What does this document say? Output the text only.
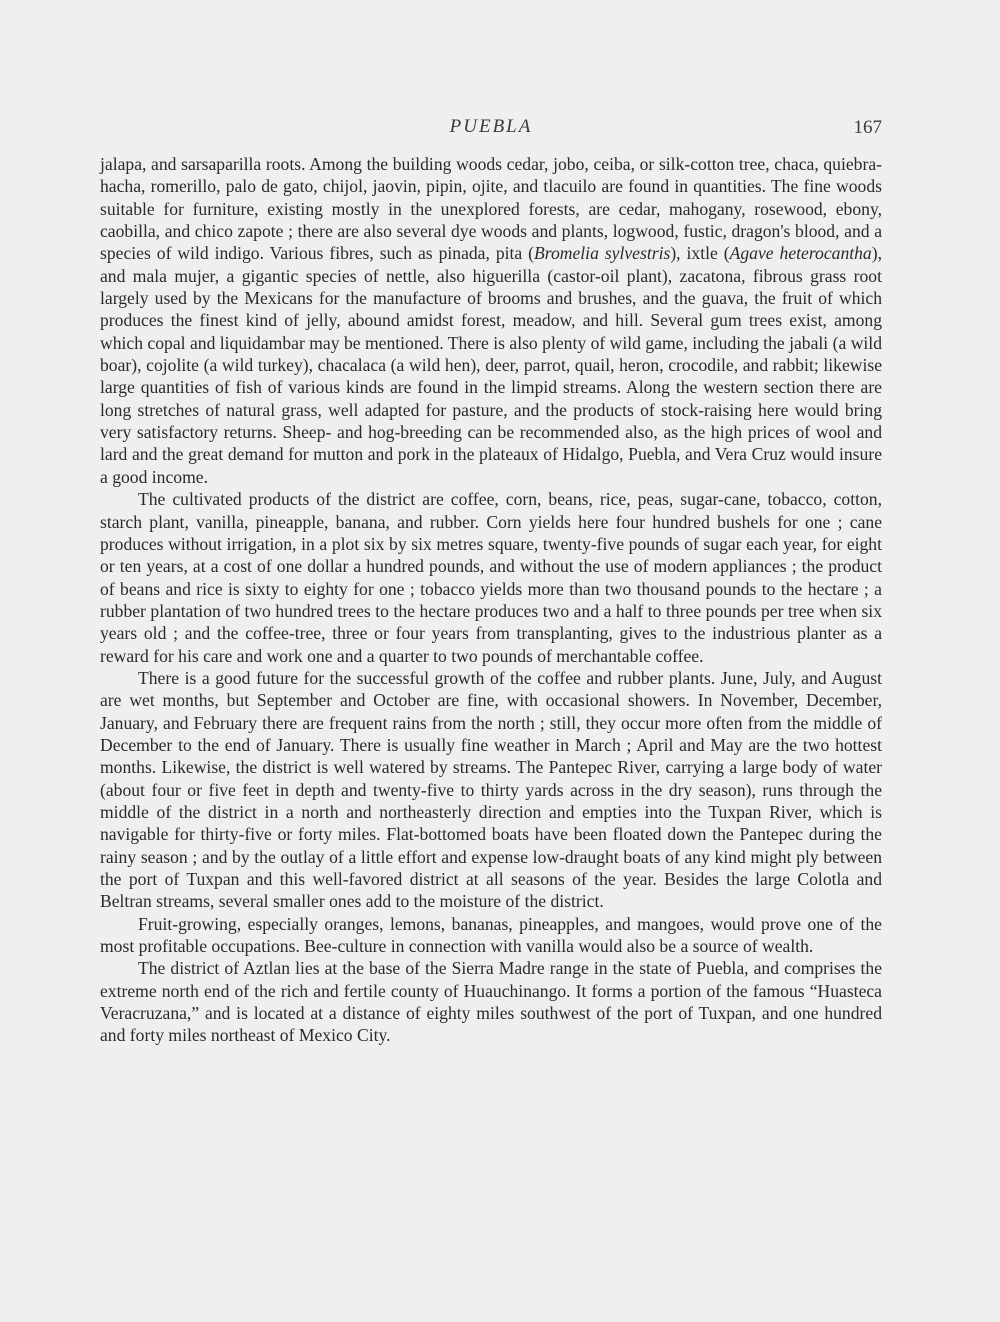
PUEBLA	167

jalapa, and sarsaparilla roots. Among the building woods cedar, jobo, ceiba, or silk-cotton tree, chaca, quiebra-hacha, romerillo, palo de gato, chijol, jaovin, pipin, ojite, and tlacuilo are found in quantities. The fine woods suitable for furniture, existing mostly in the unexplored forests, are cedar, mahogany, rosewood, ebony, caobilla, and chico zapote ; there are also several dye woods and plants, logwood, fustic, dragon's blood, and a species of wild indigo. Various fibres, such as pinada, pita (Bromelia sylvestris), ixtle (Agave heterocantha), and mala mujer, a gigantic species of nettle, also higuerilla (castor-oil plant), zacatona, fibrous grass root largely used by the Mexicans for the manufacture of brooms and brushes, and the guava, the fruit of which produces the finest kind of jelly, abound amidst forest, meadow, and hill. Several gum trees exist, among which copal and liquidambar may be mentioned. There is also plenty of wild game, including the jabali (a wild boar), cojolite (a wild turkey), chacalaca (a wild hen), deer, parrot, quail, heron, crocodile, and rabbit; likewise large quantities of fish of various kinds are found in the limpid streams. Along the western section there are long stretches of natural grass, well adapted for pasture, and the products of stock-raising here would bring very satisfactory returns. Sheep- and hog-breeding can be recommended also, as the high prices of wool and lard and the great demand for mutton and pork in the plateaux of Hidalgo, Puebla, and Vera Cruz would insure a good income.

The cultivated products of the district are coffee, corn, beans, rice, peas, sugar-cane, tobacco, cotton, starch plant, vanilla, pineapple, banana, and rubber. Corn yields here four hundred bushels for one ; cane produces without irrigation, in a plot six by six metres square, twenty-five pounds of sugar each year, for eight or ten years, at a cost of one dollar a hundred pounds, and without the use of modern appliances ; the product of beans and rice is sixty to eighty for one ; tobacco yields more than two thousand pounds to the hectare ; a rubber plantation of two hundred trees to the hectare produces two and a half to three pounds per tree when six years old ; and the coffee-tree, three or four years from transplanting, gives to the industrious planter as a reward for his care and work one and a quarter to two pounds of merchantable coffee.

There is a good future for the successful growth of the coffee and rubber plants. June, July, and August are wet months, but September and October are fine, with occasional showers. In November, December, January, and February there are frequent rains from the north ; still, they occur more often from the middle of December to the end of January. There is usually fine weather in March ; April and May are the two hottest months. Likewise, the district is well watered by streams. The Pantepec River, carrying a large body of water (about four or five feet in depth and twenty-five to thirty yards across in the dry season), runs through the middle of the district in a north and northeasterly direction and empties into the Tuxpan River, which is navigable for thirty-five or forty miles. Flat-bottomed boats have been floated down the Pantepec during the rainy season ; and by the outlay of a little effort and expense low-draught boats of any kind might ply between the port of Tuxpan and this well-favored district at all seasons of the year. Besides the large Colotla and Beltran streams, several smaller ones add to the moisture of the district.

Fruit-growing, especially oranges, lemons, bananas, pineapples, and mangoes, would prove one of the most profitable occupations. Bee-culture in connection with vanilla would also be a source of wealth.

The district of Aztlan lies at the base of the Sierra Madre range in the state of Puebla, and comprises the extreme north end of the rich and fertile county of Huauchinango. It forms a portion of the famous “Huasteca Veracruzana,” and is located at a distance of eighty miles southwest of the port of Tuxpan, and one hundred and forty miles northeast of Mexico City.
